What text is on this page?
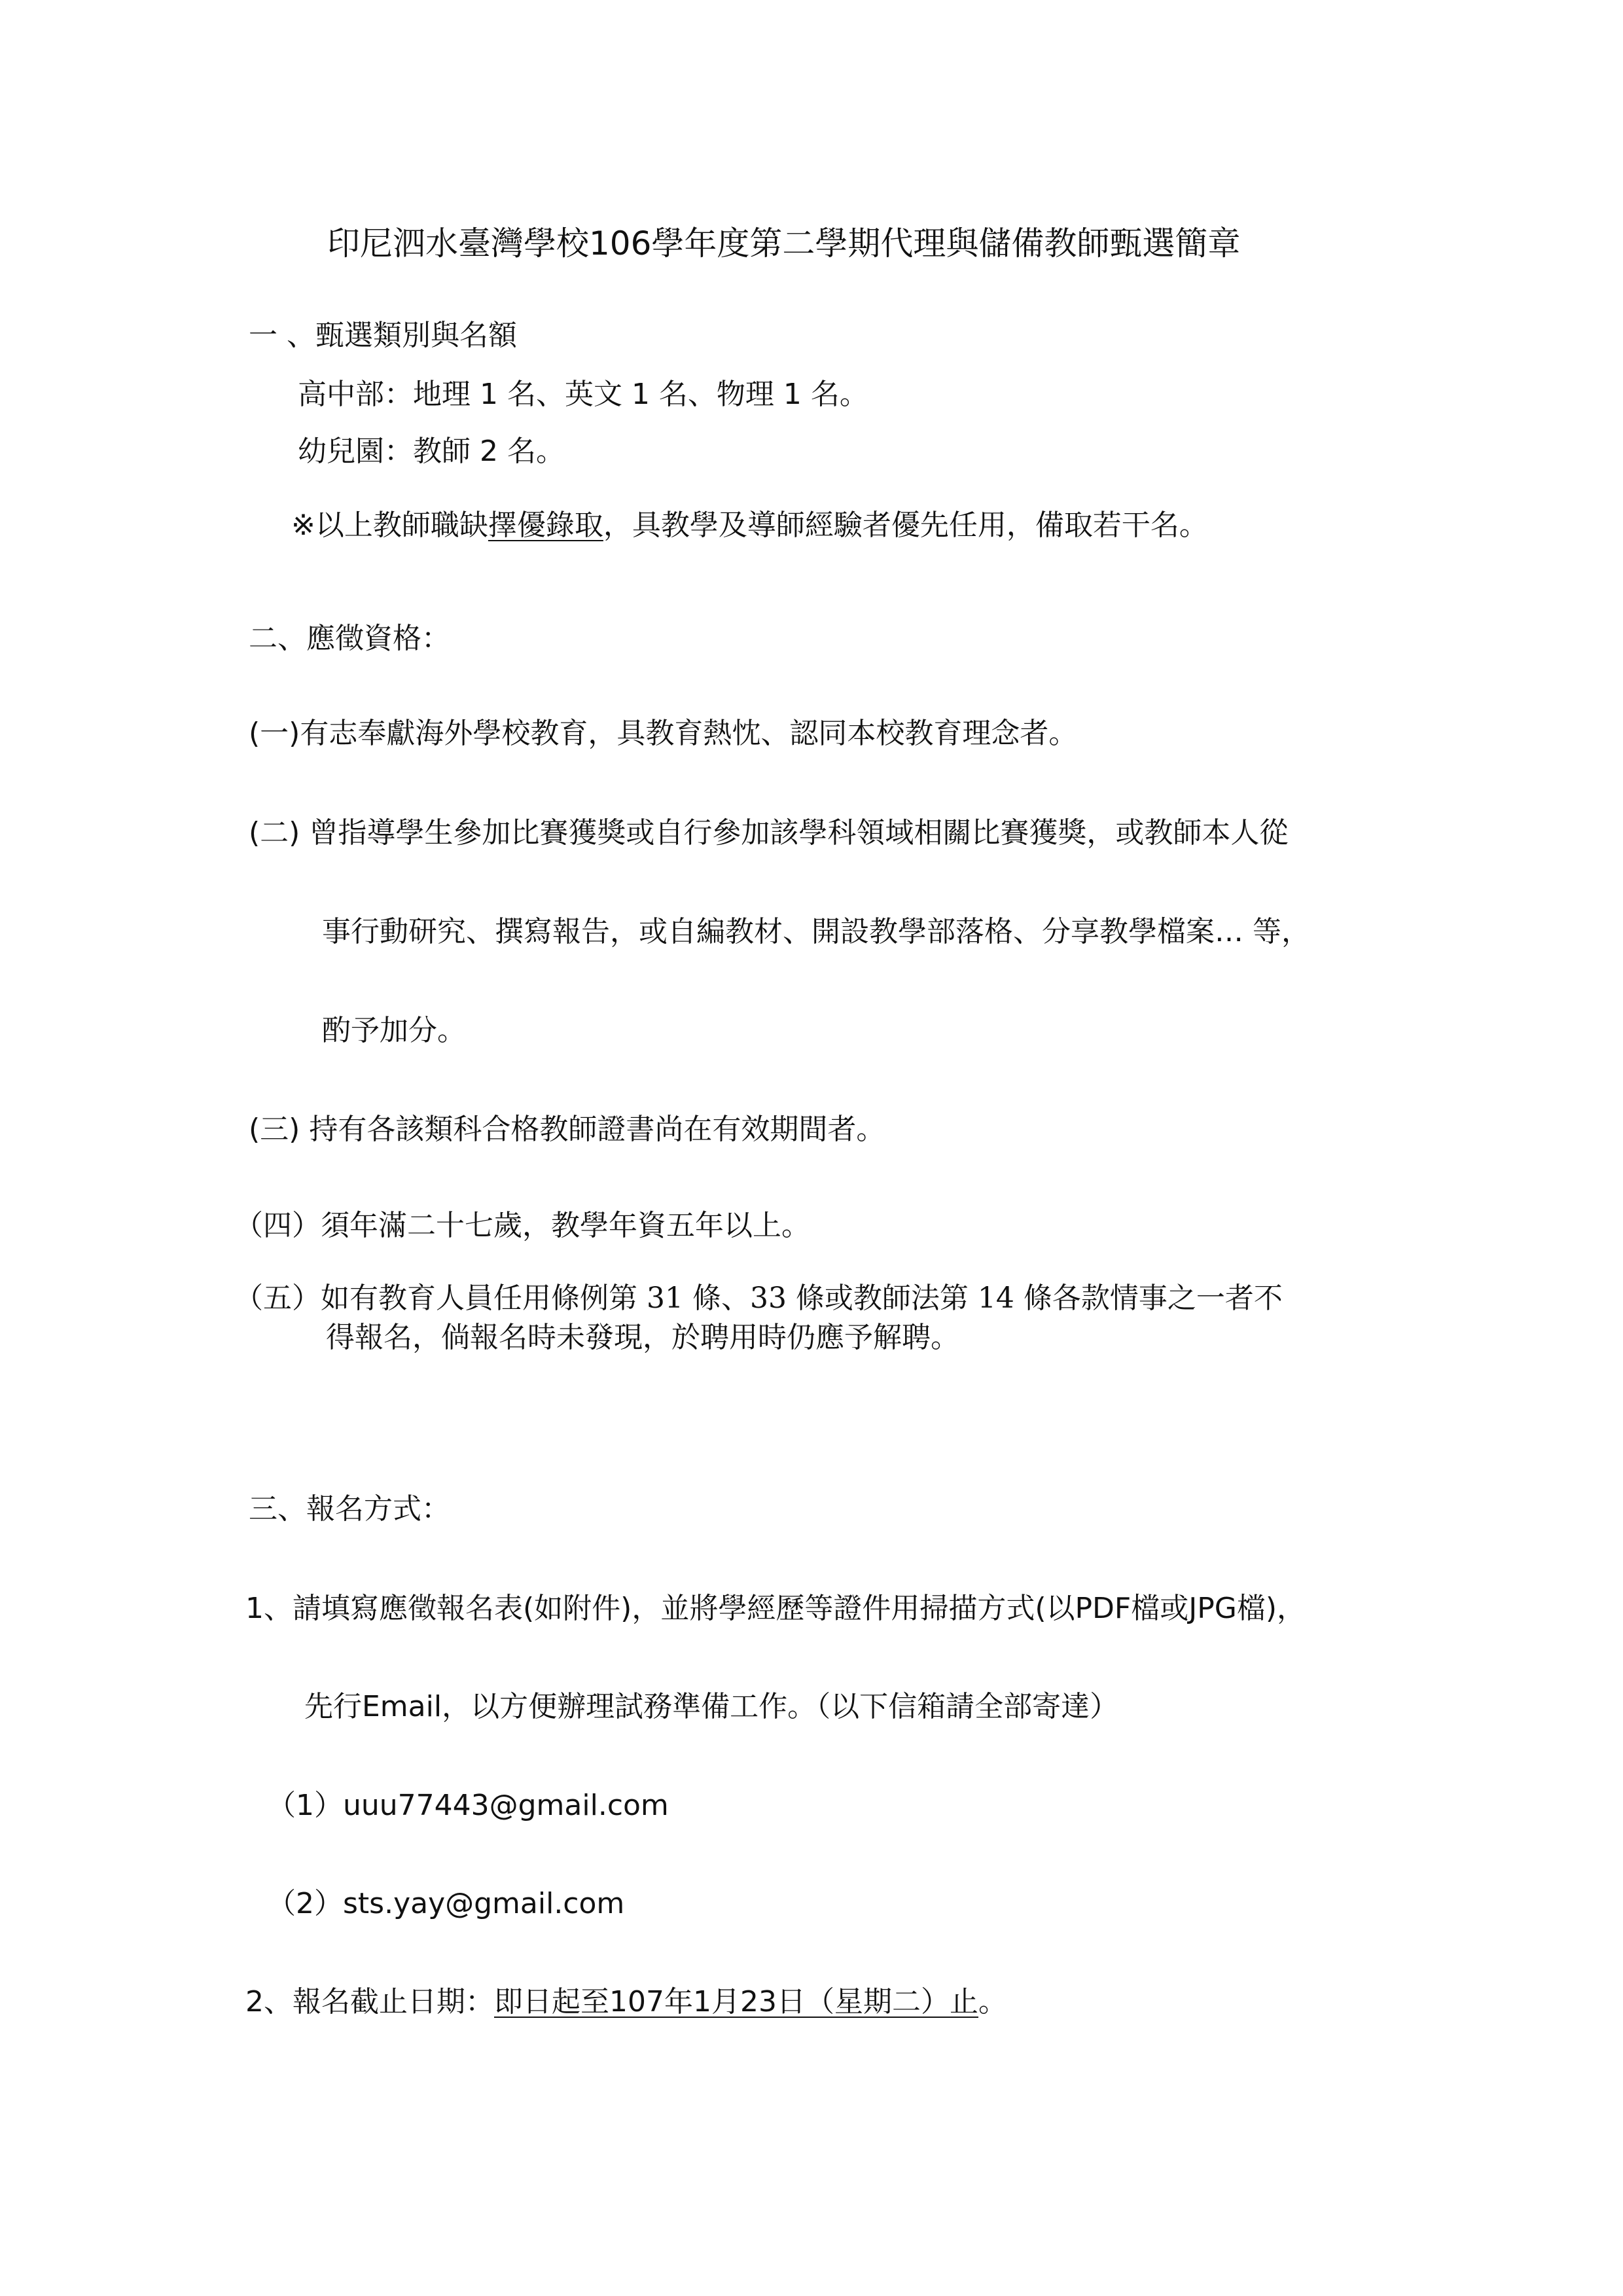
印尼泗水臺灣學校106學年度第二學期代理與儲備教師甄選簡章
一 、甄選類別與名額
高中部：地理 1 名、英文 1 名、物理 1 名。
幼兒園：教師 2 名。
※以上教師職缺擇優錄取，具教學及導師經驗者優先任用，備取若干名。
二、應徵資格：
(一)有志奉獻海外學校教育，具教育熱忱、認同本校教育理念者。
(二) 曾指導學生參加比賽獲獎或自行參加該學科領域相關比賽獲獎，或教師本人從
事行動研究、撰寫報告，或自編教材、開設教學部落格、分享教學檔案… 等，
酌予加分。
(三) 持有各該類科合格教師證書尚在有效期間者。
（四）須年滿二十七歲，教學年資五年以上。
（五）如有教育人員任用條例第 31 條、33 條或教師法第 14 條各款情事之一者不
得報名，倘報名時未發現，於聘用時仍應予解聘。
三、報名方式：
1、請填寫應徵報名表(如附件)，並將學經歷等證件用掃描方式(以PDF檔或JPG檔)，
先行Email，以方便辦理試務準備工作。（以下信箱請全部寄達）
（1）uuu77443@gmail.com
（2）sts.yay@gmail.com
2、報名截止日期：即日起至107年1月23日（星期二）止。
